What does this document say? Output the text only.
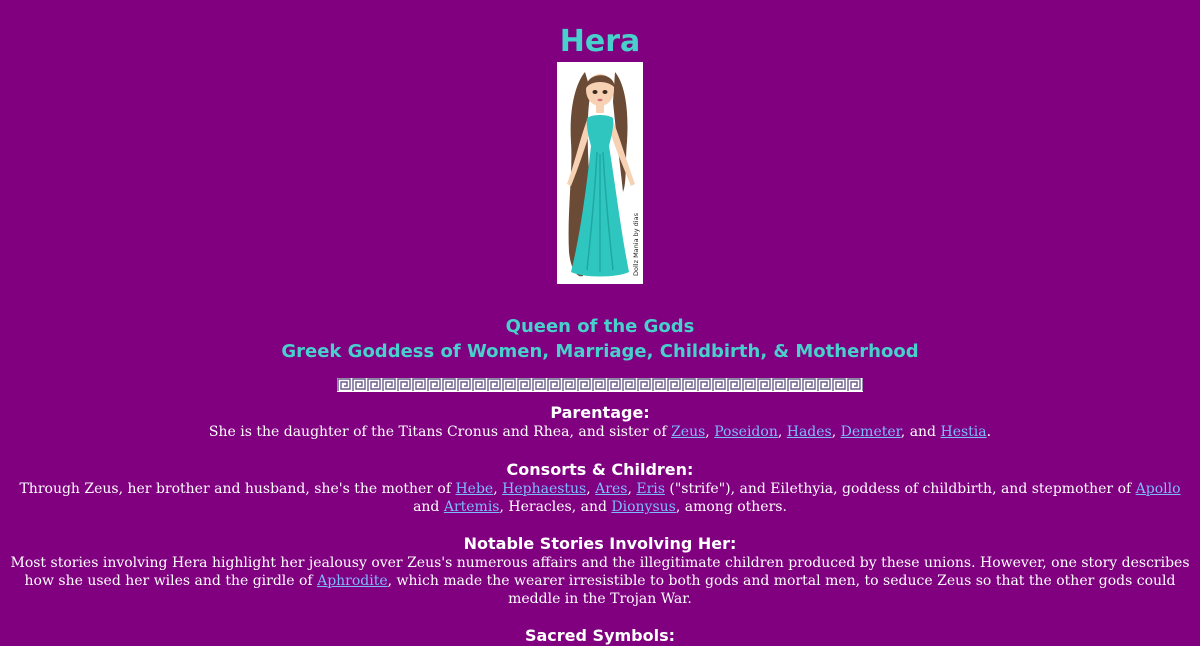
Hera
Dollz Mania by dias

Queen of the Gods

Greek Goddess of Women, Marriage, Childbirth, & Motherhood

Parentage:

She is the daughter of the Titans Cronus and Rhea, and sister of Zeus, Poseidon, Hades, Demeter, and Hestia.

Consorts & Children:

Through Zeus, her brother and husband, she's the mother of Hebe, Hephaestus, Ares, Eris ("strife"), and Eilethyia, goddess of childbirth, and stepmother of Apollo and Artemis, Heracles, and Dionysus, among others.

Notable Stories Involving Her:

Most stories involving Hera highlight her jealousy over Zeus's numerous affairs and the illegitimate children produced by these unions. However, one story describes how she used her wiles and the girdle of Aphrodite, which made the wearer irresistible to both gods and mortal men, to seduce Zeus so that the other gods could meddle in the Trojan War.

Sacred Symbols:
